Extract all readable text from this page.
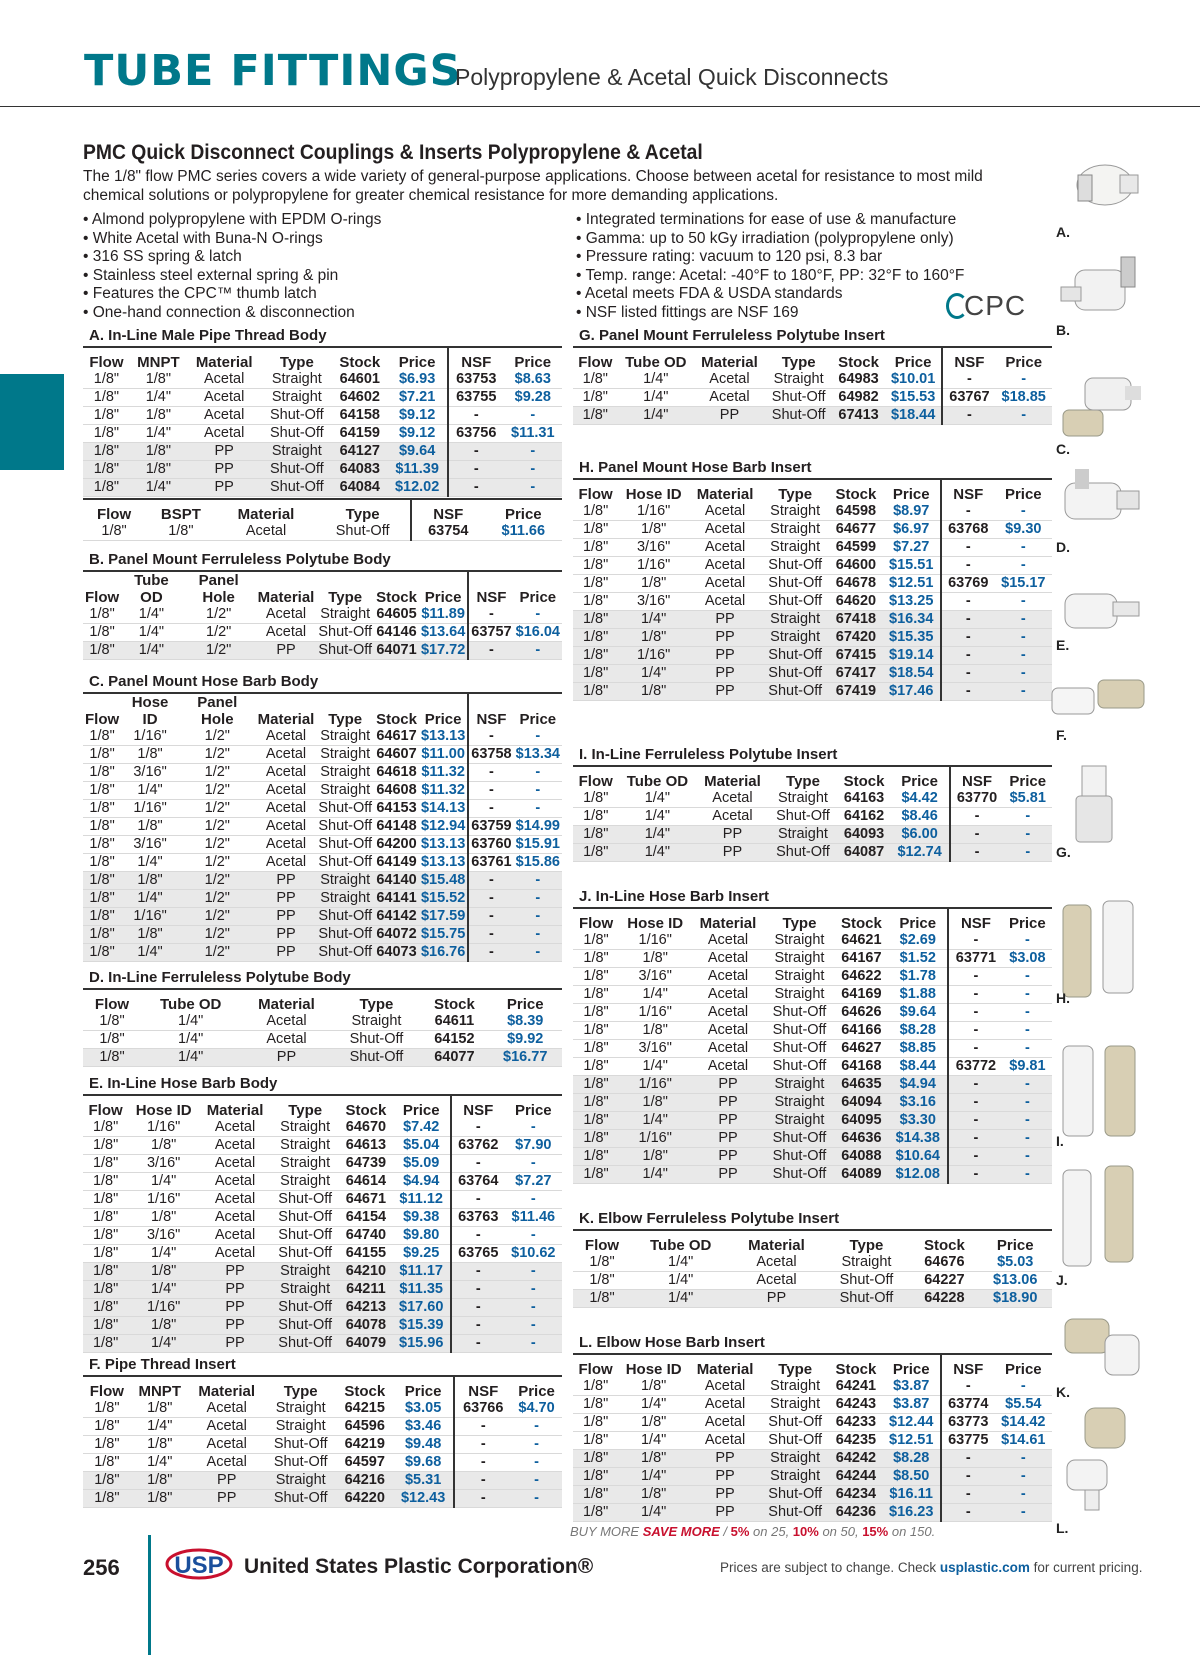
TUBE FITTINGS
Polypropylene & Acetal Quick Disconnects
PMC Quick Disconnect Couplings & Inserts Polypropylene & Acetal
The 1/8" flow PMC series covers a wide variety of general-purpose applications. Choose between acetal for resistance to most mild chemical solutions or polypropylene for greater chemical resistance for more demanding applications.
• Almond polypropylene with EPDM O-rings
• White Acetal with Buna-N O-rings
• 316 SS spring & latch
• Stainless steel external spring & pin
• Features the CPC™ thumb latch
• One-hand connection & disconnection
• Integrated terminations for ease of use & manufacture
• Gamma: up to 50 kGy irradiation (polypropylene only)
• Pressure rating: vacuum to 120 psi, 8.3 bar
• Temp. range: Acetal: -40°F to 180°F, PP: 32°F to 160°F
• Acetal meets FDA & USDA standards
• NSF listed fittings are NSF 169	CPC
A. In-Line Male Pipe Thread Body
Flow	MNPT	Material	Type	Stock	Price	NSF	Price
1/8"	1/8"	Acetal	Straight	64601	$6.93	63753	$8.63
1/8"	1/4"	Acetal	Straight	64602	$7.21	63755	$9.28
1/8"	1/8"	Acetal	Shut-Off	64158	$9.12	-	-
1/8"	1/4"	Acetal	Shut-Off	64159	$9.12	63756	$11.31
1/8"	1/8"	PP	Straight	64127	$9.64	-	-
1/8"	1/8"	PP	Shut-Off	64083	$11.39	-	-
1/8"	1/4"	PP	Shut-Off	64084	$12.02	-	-
Flow	BSPT	Material	Type	NSF	Price
1/8"	1/8"	Acetal	Shut-Off	63754	$11.66
B. Panel Mount Ferruleless Polytube Body
Flow	Tube OD	Panel Hole	Material	Type	Stock	Price	NSF	Price
1/8"	1/4"	1/2"	Acetal	Straight	64605	$11.89	-	-
1/8"	1/4"	1/2"	Acetal	Shut-Off	64146	$13.64	63757	$16.04
1/8"	1/4"	1/2"	PP	Shut-Off	64071	$17.72	-	-
C. Panel Mount Hose Barb Body
Flow	Hose ID	Panel Hole	Material	Type	Stock	Price	NSF	Price
1/8"	1/16"	1/2"	Acetal	Straight	64617	$13.13	-	-
1/8"	1/8"	1/2"	Acetal	Straight	64607	$11.00	63758	$13.34
1/8"	3/16"	1/2"	Acetal	Straight	64618	$11.32	-	-
1/8"	1/4"	1/2"	Acetal	Straight	64608	$11.32	-	-
1/8"	1/16"	1/2"	Acetal	Shut-Off	64153	$14.13	-	-
1/8"	1/8"	1/2"	Acetal	Shut-Off	64148	$12.94	63759	$14.99
1/8"	3/16"	1/2"	Acetal	Shut-Off	64200	$13.13	63760	$15.91
1/8"	1/4"	1/2"	Acetal	Shut-Off	64149	$13.13	63761	$15.86
1/8"	1/8"	1/2"	PP	Straight	64140	$15.48	-	-
1/8"	1/4"	1/2"	PP	Straight	64141	$15.52	-	-
1/8"	1/16"	1/2"	PP	Shut-Off	64142	$17.59	-	-
1/8"	1/8"	1/2"	PP	Shut-Off	64072	$15.75	-	-
1/8"	1/4"	1/2"	PP	Shut-Off	64073	$16.76	-	-
D. In-Line Ferruleless Polytube Body
Flow	Tube OD	Material	Type	Stock	Price
1/8"	1/4"	Acetal	Straight	64611	$8.39
1/8"	1/4"	Acetal	Shut-Off	64152	$9.92
1/8"	1/4"	PP	Shut-Off	64077	$16.77
E. In-Line Hose Barb Body
Flow	Hose ID	Material	Type	Stock	Price	NSF	Price
1/8"	1/16"	Acetal	Straight	64670	$7.42	-	-
1/8"	1/8"	Acetal	Straight	64613	$5.04	63762	$7.90
1/8"	3/16"	Acetal	Straight	64739	$5.09	-	-
1/8"	1/4"	Acetal	Straight	64614	$4.94	63764	$7.27
1/8"	1/16"	Acetal	Shut-Off	64671	$11.12	-	-
1/8"	1/8"	Acetal	Shut-Off	64154	$9.38	63763	$11.46
1/8"	3/16"	Acetal	Shut-Off	64740	$9.80	-	-
1/8"	1/4"	Acetal	Shut-Off	64155	$9.25	63765	$10.62
1/8"	1/8"	PP	Straight	64210	$11.17	-	-
1/8"	1/4"	PP	Straight	64211	$11.35	-	-
1/8"	1/16"	PP	Shut-Off	64213	$17.60	-	-
1/8"	1/8"	PP	Shut-Off	64078	$15.39	-	-
1/8"	1/4"	PP	Shut-Off	64079	$15.96	-	-
F. Pipe Thread Insert
Flow	MNPT	Material	Type	Stock	Price	NSF	Price
1/8"	1/8"	Acetal	Straight	64215	$3.05	63766	$4.70
1/8"	1/4"	Acetal	Straight	64596	$3.46	-	-
1/8"	1/8"	Acetal	Shut-Off	64219	$9.48	-	-
1/8"	1/4"	Acetal	Shut-Off	64597	$9.68	-	-
1/8"	1/8"	PP	Straight	64216	$5.31	-	-
1/8"	1/8"	PP	Shut-Off	64220	$12.43	-	-
G. Panel Mount Ferruleless Polytube Insert
Flow	Tube OD	Material	Type	Stock	Price	NSF	Price
1/8"	1/4"	Acetal	Straight	64983	$10.01	-	-
1/8"	1/4"	Acetal	Shut-Off	64982	$15.53	63767	$18.85
1/8"	1/4"	PP	Shut-Off	67413	$18.44	-	-
H. Panel Mount Hose Barb Insert
Flow	Hose ID	Material	Type	Stock	Price	NSF	Price
1/8"	1/16"	Acetal	Straight	64598	$8.97	-	-
1/8"	1/8"	Acetal	Straight	64677	$6.97	63768	$9.30
1/8"	3/16"	Acetal	Straight	64599	$7.27	-	-
1/8"	1/16"	Acetal	Shut-Off	64600	$15.51	-	-
1/8"	1/8"	Acetal	Shut-Off	64678	$12.51	63769	$15.17
1/8"	3/16"	Acetal	Shut-Off	64620	$13.25	-	-
1/8"	1/4"	PP	Straight	67418	$16.34	-	-
1/8"	1/8"	PP	Straight	67420	$15.35	-	-
1/8"	1/16"	PP	Shut-Off	67415	$19.14	-	-
1/8"	1/4"	PP	Shut-Off	67417	$18.54	-	-
1/8"	1/8"	PP	Shut-Off	67419	$17.46	-	-
I. In-Line Ferruleless Polytube Insert
Flow	Tube OD	Material	Type	Stock	Price	NSF	Price
1/8"	1/4"	Acetal	Straight	64163	$4.42	63770	$5.81
1/8"	1/4"	Acetal	Shut-Off	64162	$8.46	-	-
1/8"	1/4"	PP	Straight	64093	$6.00	-	-
1/8"	1/4"	PP	Shut-Off	64087	$12.74	-	-
J. In-Line Hose Barb Insert
Flow	Hose ID	Material	Type	Stock	Price	NSF	Price
1/8"	1/16"	Acetal	Straight	64621	$2.69	-	-
1/8"	1/8"	Acetal	Straight	64167	$1.52	63771	$3.08
1/8"	3/16"	Acetal	Straight	64622	$1.78	-	-
1/8"	1/4"	Acetal	Straight	64169	$1.88	-	-
1/8"	1/16"	Acetal	Shut-Off	64626	$9.64	-	-
1/8"	1/8"	Acetal	Shut-Off	64166	$8.28	-	-
1/8"	3/16"	Acetal	Shut-Off	64627	$8.85	-	-
1/8"	1/4"	Acetal	Shut-Off	64168	$8.44	63772	$9.81
1/8"	1/16"	PP	Straight	64635	$4.94	-	-
1/8"	1/8"	PP	Straight	64094	$3.16	-	-
1/8"	1/4"	PP	Straight	64095	$3.30	-	-
1/8"	1/16"	PP	Shut-Off	64636	$14.38	-	-
1/8"	1/8"	PP	Shut-Off	64088	$10.64	-	-
1/8"	1/4"	PP	Shut-Off	64089	$12.08	-	-
K. Elbow Ferruleless Polytube Insert
Flow	Tube OD	Material	Type	Stock	Price
1/8"	1/4"	Acetal	Straight	64676	$5.03
1/8"	1/4"	Acetal	Shut-Off	64227	$13.06
1/8"	1/4"	PP	Shut-Off	64228	$18.90
L. Elbow Hose Barb Insert
Flow	Hose ID	Material	Type	Stock	Price	NSF	Price
1/8"	1/8"	Acetal	Straight	64241	$3.87	-	-
1/8"	1/4"	Acetal	Straight	64243	$3.87	63774	$5.54
1/8"	1/8"	Acetal	Shut-Off	64233	$12.44	63773	$14.42
1/8"	1/4"	Acetal	Shut-Off	64235	$12.51	63775	$14.61
1/8"	1/8"	PP	Straight	64242	$8.28	-	-
1/8"	1/4"	PP	Straight	64244	$8.50	-	-
1/8"	1/8"	PP	Shut-Off	64234	$16.11	-	-
1/8"	1/4"	PP	Shut-Off	64236	$16.23	-	-
A.
B.
C.
D.
E.
F.
G.
H.
I.
J.
K.
L.
BUY MORE SAVE MORE / 5% on 25, 10% on 50, 15% on 150.
256 USP United States Plastic Corporation®	Prices are subject to change. Check usplastic.com for current pricing.
